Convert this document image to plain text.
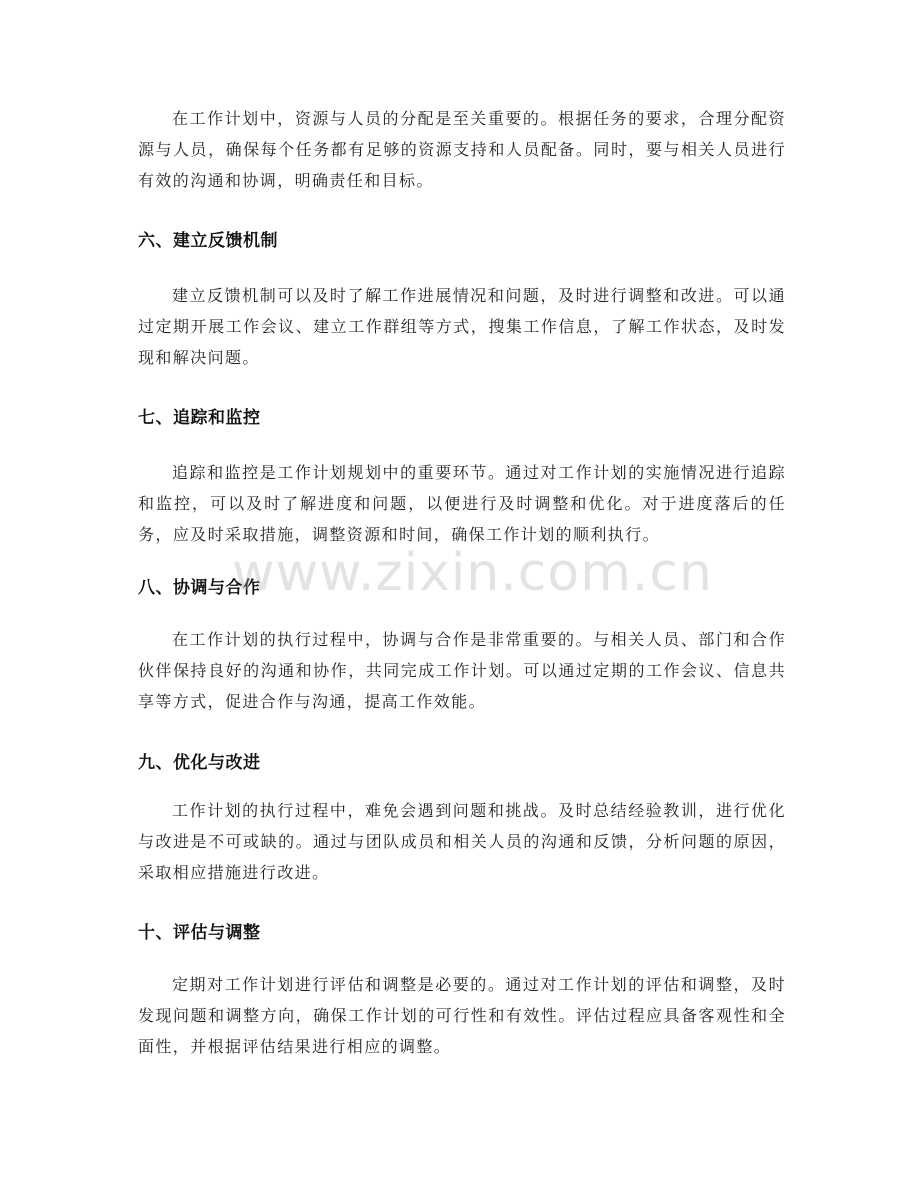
在工作计划中，资源与人员的分配是至关重要的。根据任务的要求，合理分配资源与人员，确保每个任务都有足够的资源支持和人员配备。同时，要与相关人员进行有效的沟通和协调，明确责任和目标。

六、建立反馈机制

建立反馈机制可以及时了解工作进展情况和问题，及时进行调整和改进。可以通过定期开展工作会议、建立工作群组等方式，搜集工作信息，了解工作状态，及时发现和解决问题。

七、追踪和监控

追踪和监控是工作计划规划中的重要环节。通过对工作计划的实施情况进行追踪和监控，可以及时了解进度和问题，以便进行及时调整和优化。对于进度落后的任务，应及时采取措施，调整资源和时间，确保工作计划的顺利执行。

八、协调与合作

在工作计划的执行过程中，协调与合作是非常重要的。与相关人员、部门和合作伙伴保持良好的沟通和协作，共同完成工作计划。可以通过定期的工作会议、信息共享等方式，促进合作与沟通，提高工作效能。

九、优化与改进

工作计划的执行过程中，难免会遇到问题和挑战。及时总结经验教训，进行优化与改进是不可或缺的。通过与团队成员和相关人员的沟通和反馈，分析问题的原因，采取相应措施进行改进。

十、评估与调整

定期对工作计划进行评估和调整是必要的。通过对工作计划的评估和调整，及时发现问题和调整方向，确保工作计划的可行性和有效性。评估过程应具备客观性和全面性，并根据评估结果进行相应的调整。

www.zixin.com.cn
